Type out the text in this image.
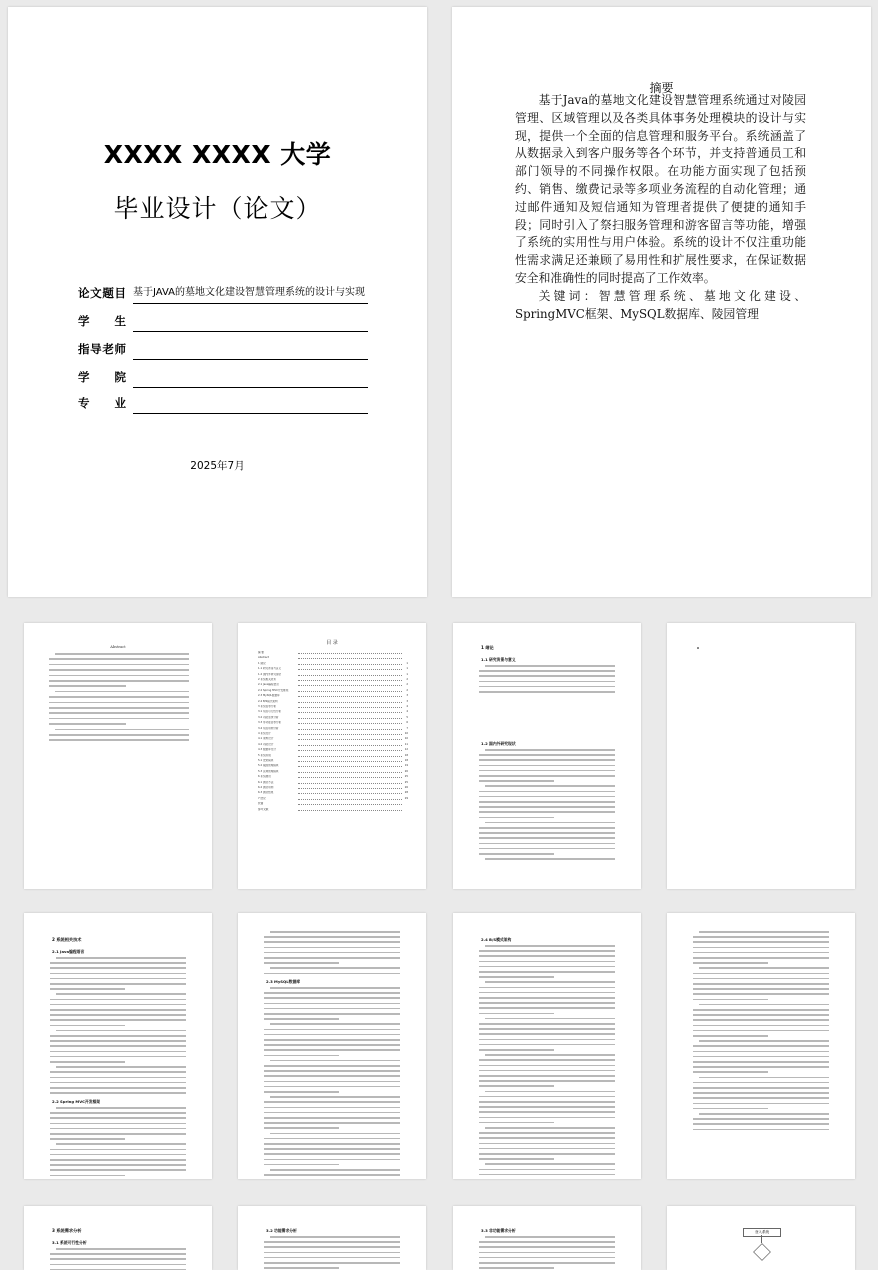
XXXX XXXX 大学
毕业设计（论文）
论文题目 基于JAVA的墓地文化建设智慧管理系统的设计与实现
学生
指导老师
学院
专业
2025年7月
摘要

基于Java的墓地文化建设智慧管理系统通过对陵园管理、区域管理以及各类具体事务处理模块的设计与实现，提供一个全面的信息管理和服务平台。系统涵盖了从数据录入到客户服务等各个环节，并支持普通员工和部门领导的不同操作权限。在功能方面实现了包括预约、销售、缴费记录等多项业务流程的自动化管理；通过邮件通知及短信通知为管理者提供了便捷的通知手段；同时引入了祭扫服务管理和游客留言等功能，增强了系统的实用性与用户体验。系统的设计不仅注重功能性需求满足还兼顾了易用性和扩展性要求，在保证数据安全和准确性的同时提高了工作效率。

关键词：智慧管理系统、墓地文化建设、SpringMVC框架、MySQL数据库、陵园管理

Abstract
目 录
摘 要
Abstract
1 绪论	1
1.1 研究背景与意义	1
1.2 国内外研究现状	1
2 系统相关技术	2
2.1 Java编程语言	2
2.2 Spring MVC开发框架	2
2.3 MySQL数据库	3
2.4 B/S模式架构	3
3 系统需求分析	4
3.1 系统可行性分析	4
3.2 功能需求分析	5
3.3 非功能需求分析	6
3.4 系统用例分析	7
4 系统设计	10
4.1 架构设计	10
4.2 功能设计	11
4.3 数据库设计	12
5 系统实现	18
5.1 登录模块	18
5.2 陵园管理模块	19
5.3 区域管理模块	20
6 系统测试	25
6.1 测试方法	25
6.2 测试用例	26
6.3 测试结果	28
7 结论	29
致谢
参考文献
1 绪论
1.1 研究背景与意义
1.2 国内外研究现状
2 系统相关技术
2.1 Java编程语言
2.2 Spring MVC开发框架
2.3 MySQL数据库
2.4 B/S模式架构
3 系统需求分析
3.1 系统可行性分析
3.2 功能需求分析	3.3 非功能需求分析	登入系统
